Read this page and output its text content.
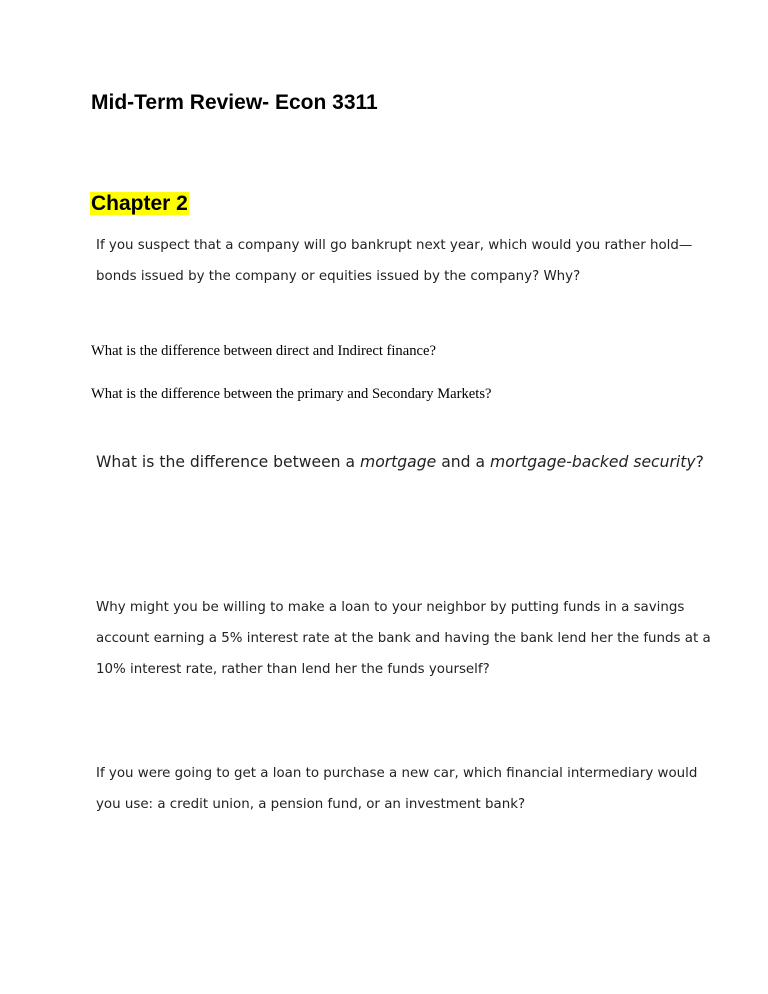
Mid-Term Review- Econ 3311
Chapter 2
If you suspect that a company will go bankrupt next year, which would you rather hold—
bonds issued by the company or equities issued by the company? Why?

What is the difference between direct and Indirect finance?

What is the difference between the primary and Secondary Markets?

What is the difference between a mortgage and a mortgage-backed security?
Why might you be willing to make a loan to your neighbor by putting funds in a savings
account earning a 5% interest rate at the bank and having the bank lend her the funds at a
10% interest rate, rather than lend her the funds yourself?
If you were going to get a loan to purchase a new car, which financial intermediary would
you use: a credit union, a pension fund, or an investment bank?
